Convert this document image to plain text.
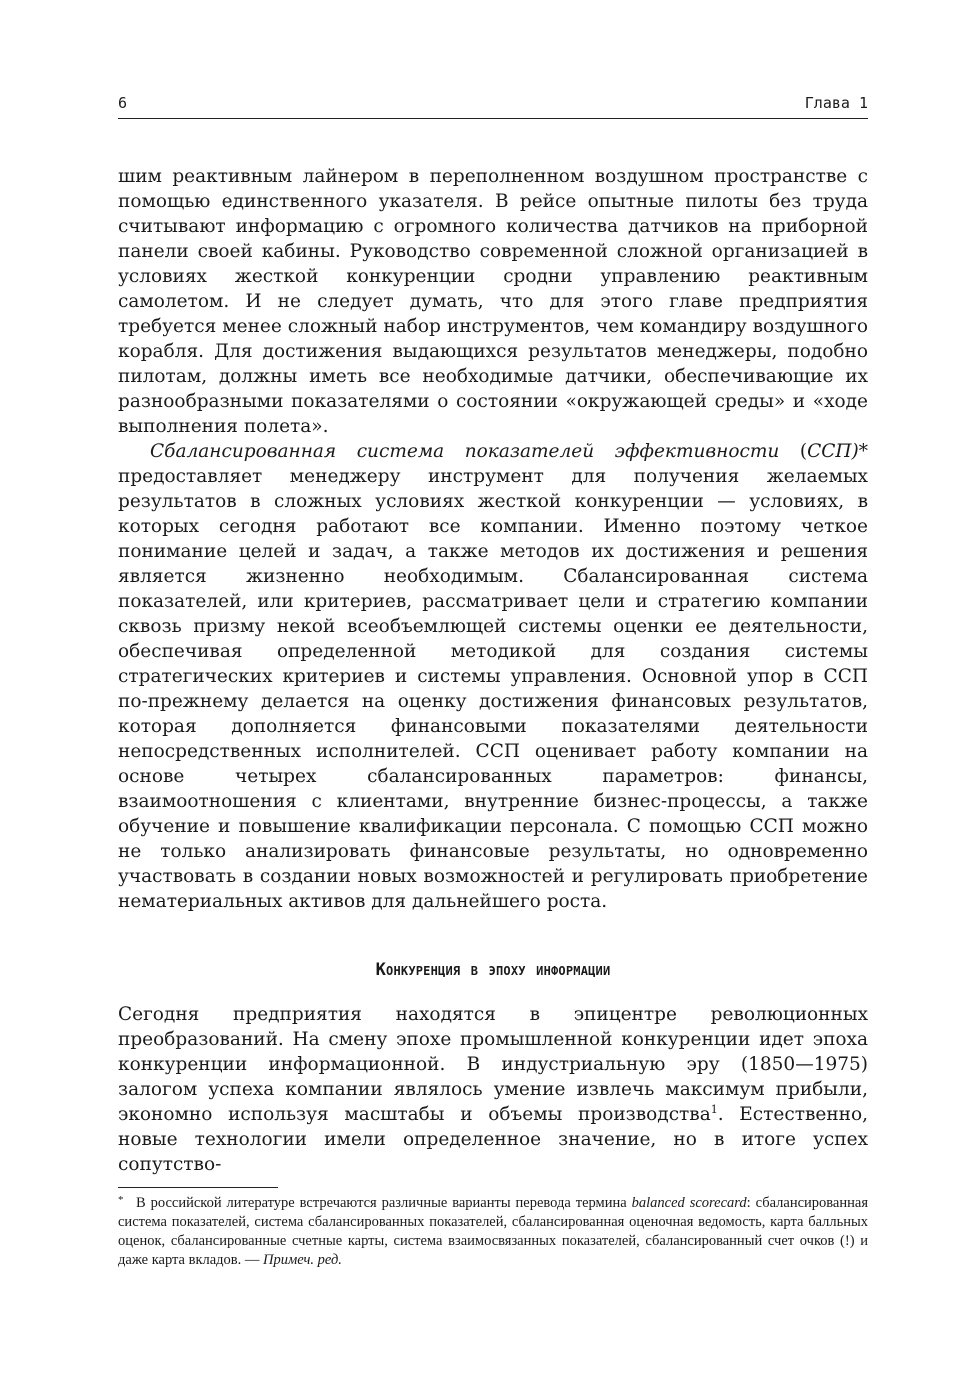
6	Глава 1

шим реактивным лайнером в переполненном воздушном пространстве с помощью единственного указателя. В рейсе опытные пилоты без труда считывают информацию с огромного количества датчиков на приборной панели своей кабины. Руководство современной сложной организацией в условиях жесткой конкуренции сродни управлению реактивным самолетом. И не следует думать, что для этого главе предприятия требуется менее сложный набор инструментов, чем командиру воздушного корабля. Для достижения выдающихся результатов менеджеры, подобно пилотам, должны иметь все необходимые датчики, обеспечивающие их разнообразными показателями о состоянии «окружающей среды» и «ходе выполнения полета».

Сбалансированная система показателей эффективности (ССП)* предоставляет менеджеру инструмент для получения желаемых результатов в сложных условиях жесткой конкуренции — условиях, в которых сегодня работают все компании. Именно поэтому четкое понимание целей и задач, а также методов их достижения и решения является жизненно необходимым. Сбалансированная система показателей, или критериев, рассматривает цели и стратегию компании сквозь призму некой всеобъемлющей системы оценки ее деятельности, обеспечивая определенной методикой для создания системы стратегических критериев и системы управления. Основной упор в ССП по-прежнему делается на оценку достижения финансовых результатов, которая дополняется финансовыми показателями деятельности непосредственных исполнителей. ССП оценивает работу компании на основе четырех сбалансированных параметров: финансы, взаимоотношения с клиентами, внутренние бизнес-процессы, а также обучение и повышение квалификации персонала. С помощью ССП можно не только анализировать финансовые результаты, но одновременно участвовать в создании новых возможностей и регулировать приобретение нематериальных активов для дальнейшего роста.

Конкуренция в эпоху информации

Сегодня предприятия находятся в эпицентре революционных преобразований. На смену эпохе промышленной конкуренции идет эпоха конкуренции информационной. В индустриальную эру (1850—1975) залогом успеха компании являлось умение извлечь максимум прибыли, экономно используя масштабы и объемы производства$^1$. Естественно, новые технологии имели определенное значение, но в итоге успех сопутство-

* В российской литературе встречаются различные варианты перевода термина balanced scorecard: сбалансированная система показателей, система сбалансированных показателей, сбалансированная оценочная ведомость, карта балльных оценок, сбалансированные счетные карты, система взаимосвязанных показателей, сбалансированный счет очков (!) и даже карта вкладов. — Примеч. ред.
